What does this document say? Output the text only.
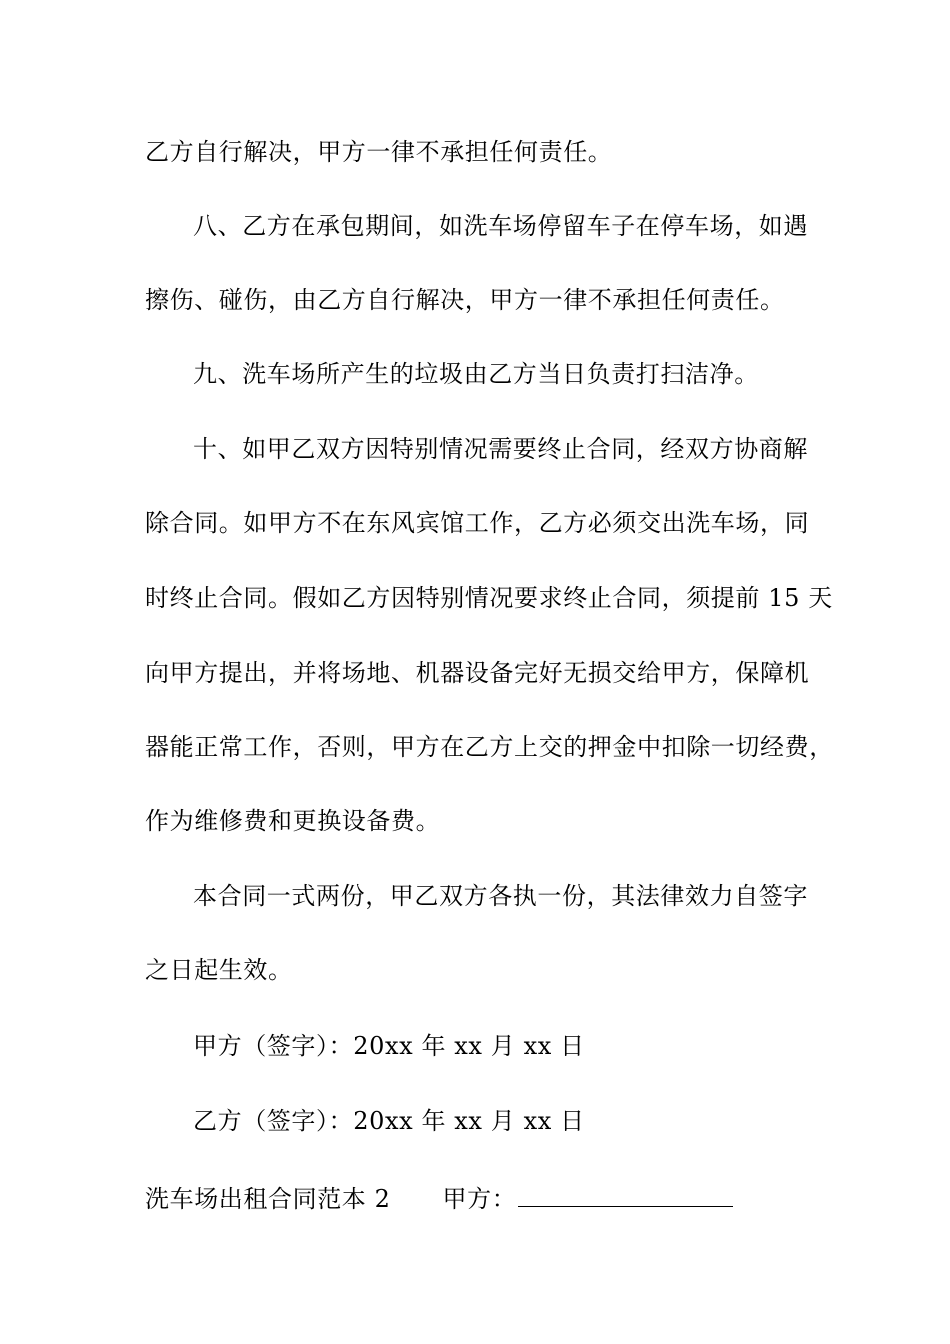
乙方自行解决，甲方一律不承担任何责任。
八、乙方在承包期间，如洗车场停留车子在停车场，如遇
擦伤、碰伤，由乙方自行解决，甲方一律不承担任何责任。
九、洗车场所产生的垃圾由乙方当日负责打扫洁净。
十、如甲乙双方因特别情况需要终止合同，经双方协商解
除合同。如甲方不在东风宾馆工作，乙方必须交出洗车场，同
时终止合同。假如乙方因特别情况要求终止合同，须提前 15 天
向甲方提出，并将场地、机器设备完好无损交给甲方，保障机
器能正常工作，否则，甲方在乙方上交的押金中扣除一切经费，
作为维修费和更换设备费。
本合同一式两份，甲乙双方各执一份，其法律效力自签字
之日起生效。
甲方（签字）：20xx 年 xx 月 xx 日
乙方（签字）：20xx 年 xx 月 xx 日
洗车场出租合同范本 2 甲方：
